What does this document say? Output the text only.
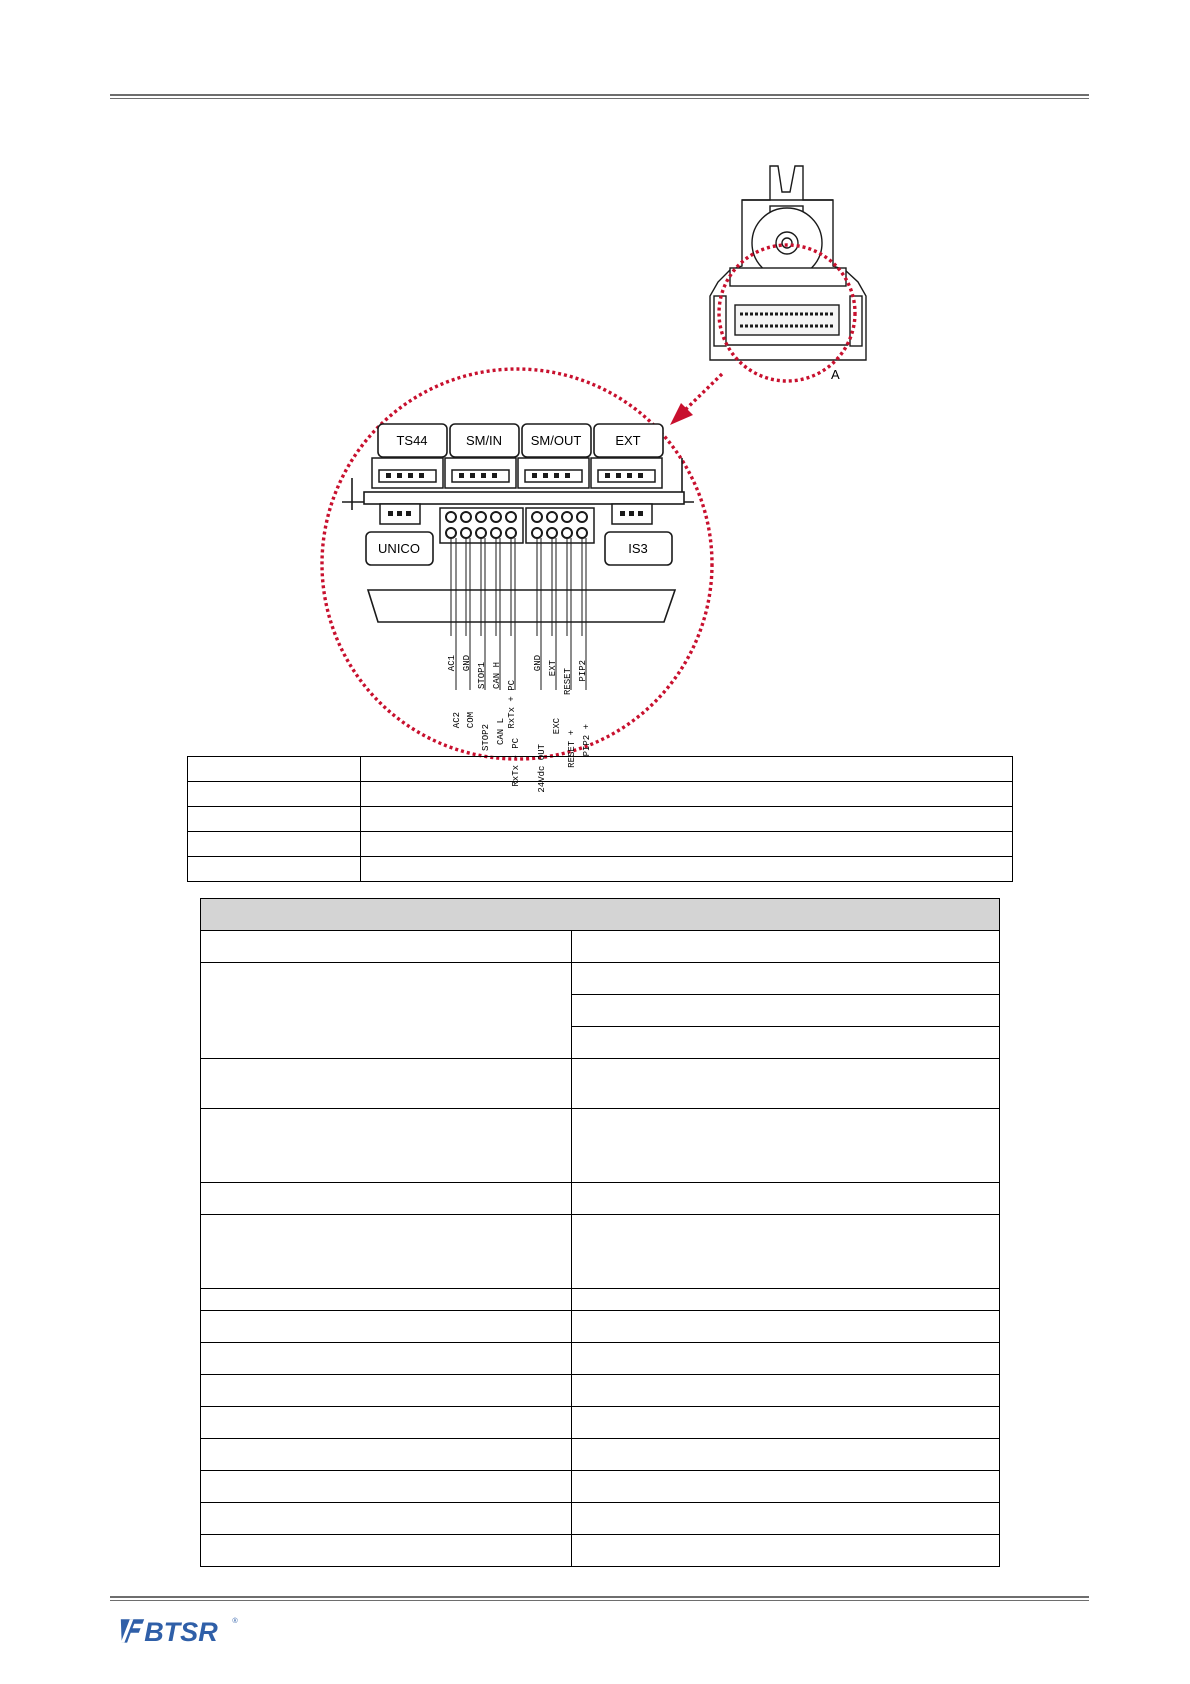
A
TS44	SM/IN SM/OUT	EXT
UNICO	IS3
AC1 GND STOP1 CAN H
RxTx + PC
AC2 COM
STOP2 CAN L
RxTx - PC
GND EXT RESET PIP2
24Vdc OUT
EXC
RESET + PIP2 +

BTSR ®
